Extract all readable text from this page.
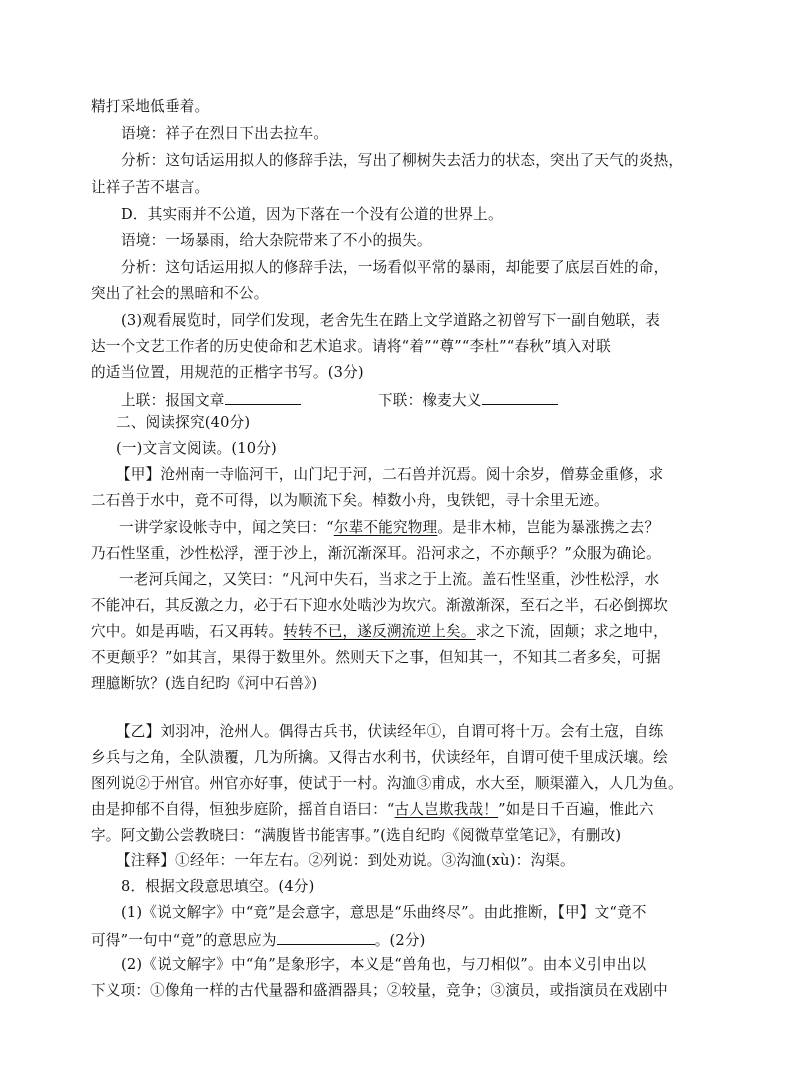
精打采地低垂着。
语境：祥子在烈日下出去拉车。
分析：这句话运用拟人的修辞手法，写出了柳树失去活力的状态，突出了天气的炎热，
让祥子苦不堪言。
D．其实雨并不公道，因为下落在一个没有公道的世界上。
语境：一场暴雨，给大杂院带来了不小的损失。
分析：这句话运用拟人的修辞手法，一场看似平常的暴雨，却能要了底层百姓的命，
突出了社会的黑暗和不公。
(3)观看展览时，同学们发现，老舍先生在踏上文学道路之初曾写下一副自勉联，表
达一个文艺工作者的历史使命和艺术追求。请将“着”“尊”“李杜”“春秋”填入对联
的适当位置，用规范的正楷字书写。(3分)
上联：报国文章	下联：橡麦大义
二、阅读探究(40分)
(一)文言文阅读。(10分)
【甲】沧州南一寺临河干，山门圮于河，二石兽并沉焉。阅十余岁，僧募金重修，求
二石兽于水中，竟不可得，以为顺流下矣。棹数小舟，曳铁钯，寻十余里无迹。
一讲学家设帐寺中，闻之笑曰：“尔辈不能究物理。是非木柿，岂能为暴涨携之去？
乃石性坚重，沙性松浮，湮于沙上，渐沉渐深耳。沿河求之，不亦颠乎？”众服为确论。
一老河兵闻之，又笑曰：“凡河中失石，当求之于上流。盖石性坚重，沙性松浮，水
不能冲石，其反激之力，必于石下迎水处啮沙为坎穴。渐激渐深，至石之半，石必倒掷坎
穴中。如是再啮，石又再转。转转不已，遂反溯流逆上矣。求之下流，固颠；求之地中，
不更颠乎？”如其言，果得于数里外。然则天下之事，但知其一，不知其二者多矣，可据
理臆断欤？(选自纪昀《河中石兽》)
【乙】刘羽冲，沧州人。偶得古兵书，伏读经年①，自谓可将十万。会有土寇，自练
乡兵与之角，全队溃覆，几为所擒。又得古水利书，伏读经年，自谓可使千里成沃壤。绘
图列说②于州官。州官亦好事，使试于一村。沟洫③甫成，水大至，顺渠灌入，人几为鱼。
由是抑郁不自得，恒独步庭阶，摇首自语曰：“古人岂欺我哉！”如是日千百遍，惟此六
字。阿文勤公尝教晓曰：“满腹皆书能害事。”(选自纪昀《阅微草堂笔记》，有删改)
【注释】①经年：一年左右。②列说：到处劝说。③沟洫(xù)：沟渠。
8．根据文段意思填空。(4分)
(1)《说文解字》中“竟”是会意字，意思是“乐曲终尽”。由此推断，【甲】文“竟不
可得”一句中“竟”的意思应为	。(2分)
(2)《说文解字》中“角”是象形字，本义是“兽角也，与刀相似”。由本义引申出以
下义项：①像角一样的古代量器和盛酒器具；②较量，竞争；③演员，或指演员在戏剧中
